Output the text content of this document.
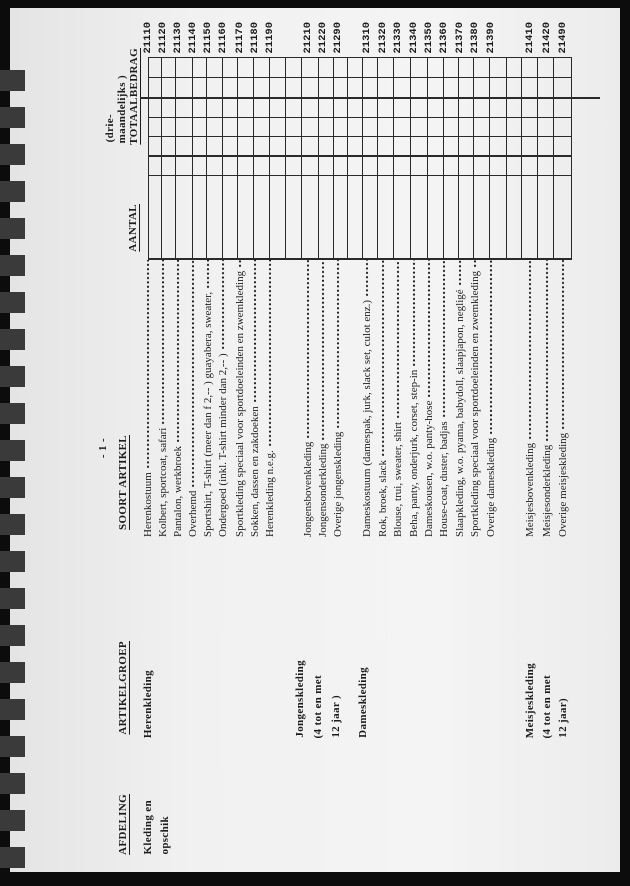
- 1 -
AFDELING
ARTIKELGROEP
SOORT ARTIKEL
AANTAL
(drie- maandelijks ) TOTAALBEDRAG
Kleding en opschik
Herenkleding	Jongenskleding (4 tot en met 12 jaar ) Dameskleding	Meisjeskleding (4 tot en met 12 jaar)
Herenkostuum
21110
Kolbert, sportcoat, safari
21120
Pantalon, werkbroek
21130
Overhemd
21140
Sportshirt, T-shirt (meer dan f 2,-- ) guayabera, sweater,
21150
Ondergoed (inkl. T-shirt minder dan 2,-- )
21160
Sportkleding speciaal voor sportdoeleinden en zwemkleding
21170
Sokken, dassen en zakdoeken
21180
Herenkleding n.e.g.
21190
Jongensbovenkleding
21210
Jongensonderkleding
21220
Overige jongenskleding
21290
Dameskostuum (damespak, jurk, slack set, culot enz.)
21310
Rok, broek, slack
21320
Blouse, trui, sweater, shirt
21330
Beha, panty, onderjurk, corset, step-in
21340
Dameskousen, w.o. panty-hose
21350
House-coat, duster, badjas
21360
Slaapkleding, w.o. pyama, babydoll, slaapjapon, negligé
21370
Sportkleding speciaal voor sportdoeleinden en zwemkleding
21380
Overige dameskleding
21390
Meisjesbovenkleding
21410
Meisjesonderkleding
21420
Overige meisjeskleding
21490
